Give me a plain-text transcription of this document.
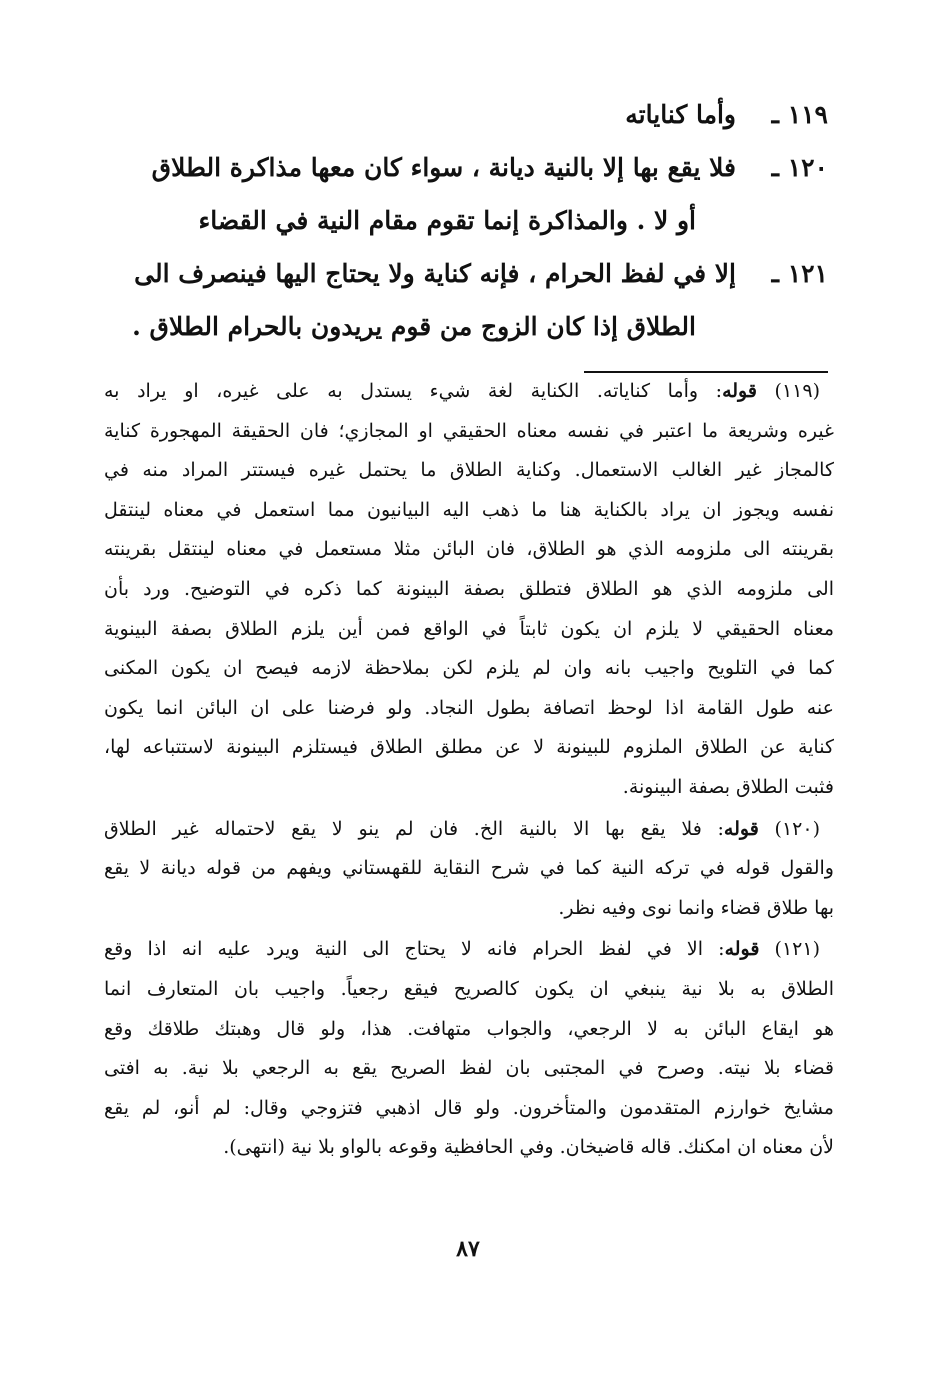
١١٩ ـوأما كناياته
١٢٠ ـفلا يقع بها إلا بالنية ديانة ، سواء كان معها مذاكرة الطلاق
أو لا . والمذاكرة إنما تقوم مقام النية في القضاء
١٢١ ـإلا في لفظ الحرام ، فإنه كناية ولا يحتاج اليها فينصرف الى
الطلاق إذا كان الزوج من قوم يريدون بالحرام الطلاق .
(١١٩) قوله: وأما كناياته. الكناية لغة شيء يستدل به على غيره، او يراد به
غيره وشريعة ما اعتبر في نفسه معناه الحقيقي او المجازي؛ فان الحقيقة المهجورة كناية
كالمجاز غير الغالب الاستعمال. وكناية الطلاق ما يحتمل غيره فيستتر المراد منه في
نفسه ويجوز ان يراد بالكناية هنا ما ذهب اليه البيانيون مما استعمل في معناه لينتقل
بقرينته الى ملزومه الذي هو الطلاق، فان البائن مثلا مستعمل في معناه لينتقل بقرينته
الى ملزومه الذي هو الطلاق فتطلق بصفة البينونة كما ذكره في التوضيح. ورد بأن
معناه الحقيقي لا يلزم ان يكون ثابتاً في الواقع فمن أين يلزم الطلاق بصفة البينوية
كما في التلويح واجيب بانه وان لم يلزم لكن بملاحظة لازمه فيصح ان يكون المكنى
عنه طول القامة اذا لوحظ اتصافة بطول النجاد. ولو فرضنا على ان البائن انما يكون
كناية عن الطلاق الملزوم للبينونة لا عن مطلق الطلاق فيستلزم البينونة لاستتباعه لها،
فثبت الطلاق بصفة البينونة.
(١٢٠) قوله: فلا يقع بها الا بالنية الخ. فان لم ينو لا يقع لاحتماله غير الطلاق
والقول قوله في تركه النية كما في شرح النقاية للقهستاني ويفهم من قوله ديانة لا يقع
بها طلاق قضاء وانما نوى وفيه نظر.
(١٢١) قوله: الا في لفظ الحرام فانه لا يحتاج الى النية ويرد عليه انه اذا وقع
الطلاق به بلا نية ينبغي ان يكون كالصريح فيقع رجعياً. واجيب بان المتعارف انما
هو ايقاع البائن به لا الرجعي، والجواب متهافت. هذا، ولو قال وهبتك طلاقك وقع
قضاء بلا نيته. وصرح في المجتبى بان لفظ الصريح يقع به الرجعي بلا نية. به افتى
مشايخ خوارزم المتقدمون والمتأخرون. ولو قال اذهبي فتزوجي وقال: لم أنو، لم يقع
لأن معناه ان امكنك. قاله قاضيخان. وفي الحافظية وقوعه بالواو بلا نية (انتهى).
٨٧
